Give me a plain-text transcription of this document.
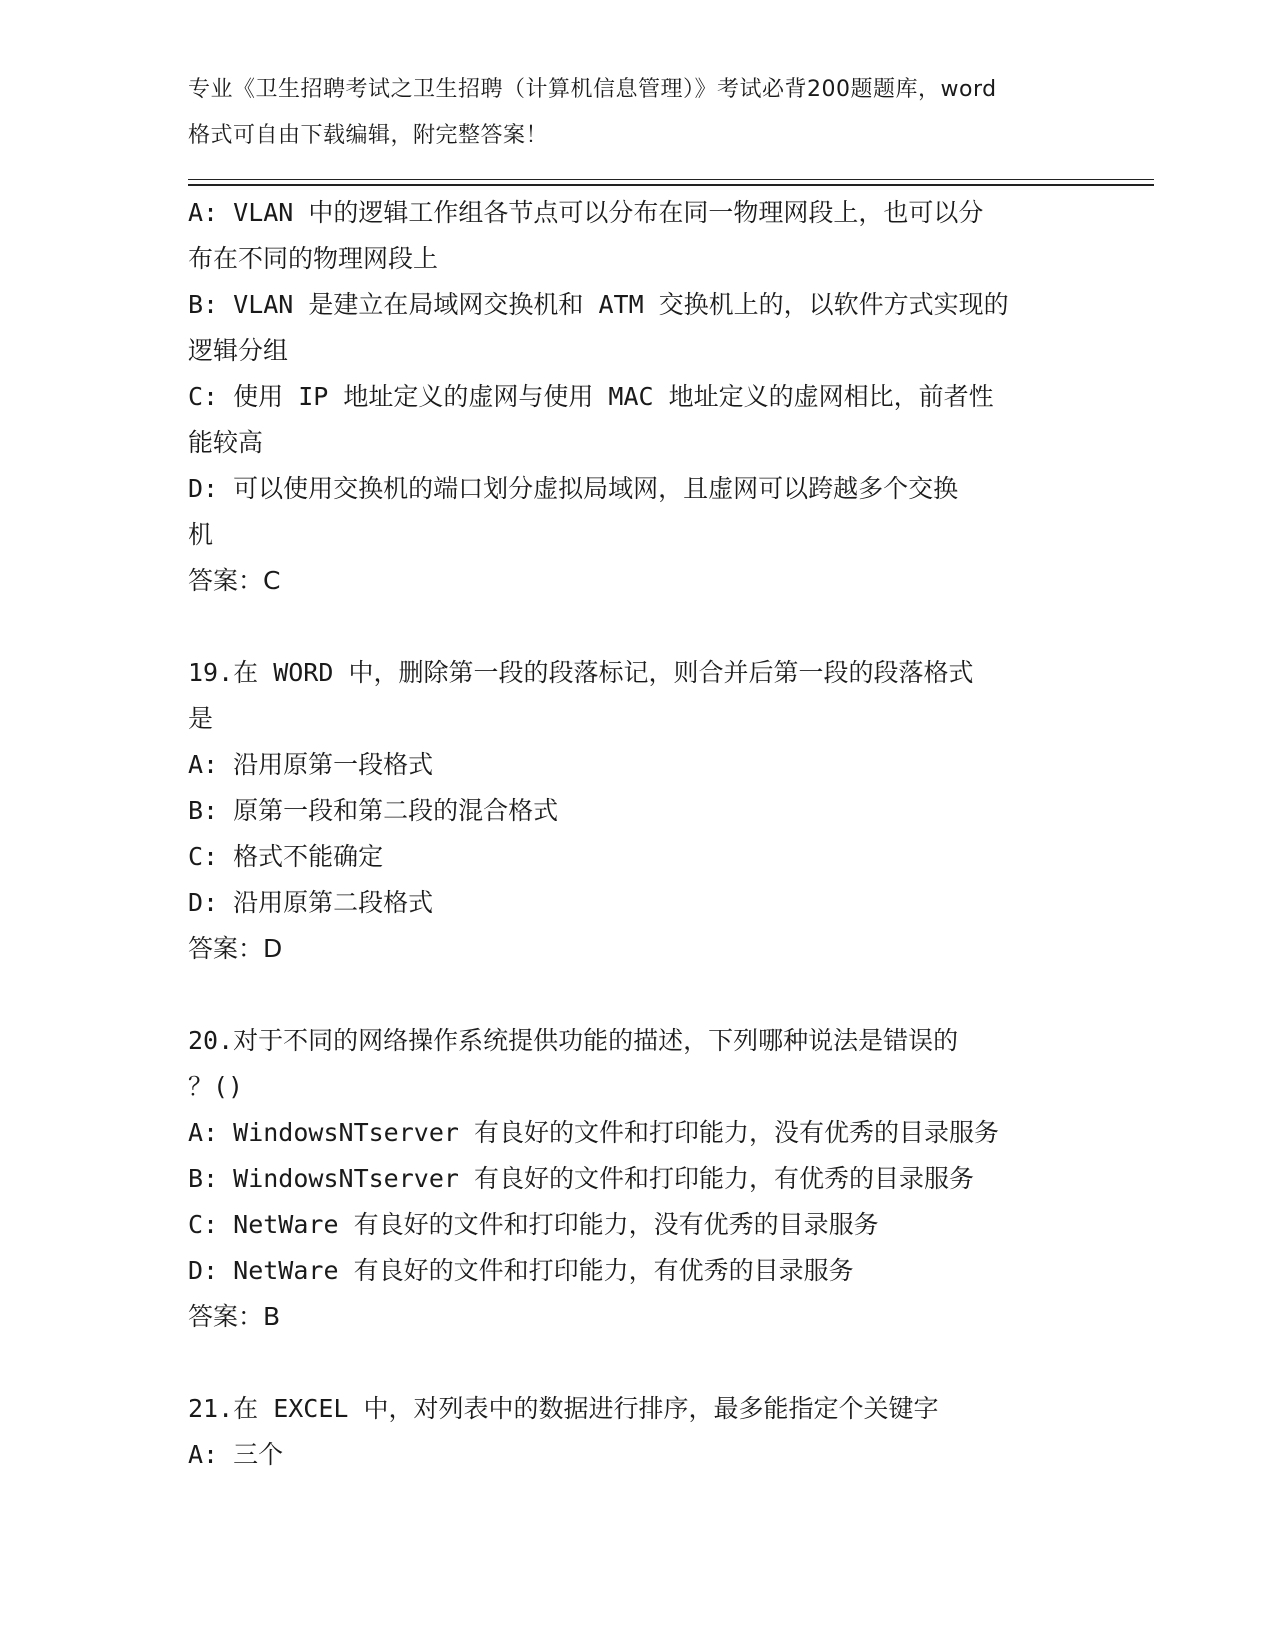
专业《卫生招聘考试之卫生招聘（计算机信息管理）》考试必背200题题库，word
格式可自由下载编辑，附完整答案！
A: VLAN 中的逻辑工作组各节点可以分布在同一物理网段上，也可以分
布在不同的物理网段上
B: VLAN 是建立在局域网交换机和 ATM 交换机上的，以软件方式实现的
逻辑分组
C: 使用 IP 地址定义的虚网与使用 MAC 地址定义的虚网相比，前者性
能较高
D: 可以使用交换机的端口划分虚拟局域网，且虚网可以跨越多个交换
机
答案：C
19.在 WORD 中，删除第一段的段落标记，则合并后第一段的段落格式
是
A: 沿用原第一段格式
B: 原第一段和第二段的混合格式
C: 格式不能确定
D: 沿用原第二段格式
答案：D
20.对于不同的网络操作系统提供功能的描述，下列哪种说法是错误的
？()
A: WindowsNTserver 有良好的文件和打印能力，没有优秀的目录服务
B: WindowsNTserver 有良好的文件和打印能力，有优秀的目录服务
C: NetWare 有良好的文件和打印能力，没有优秀的目录服务
D: NetWare 有良好的文件和打印能力，有优秀的目录服务
答案：B
21.在 EXCEL 中，对列表中的数据进行排序，最多能指定个关键字
A: 三个
